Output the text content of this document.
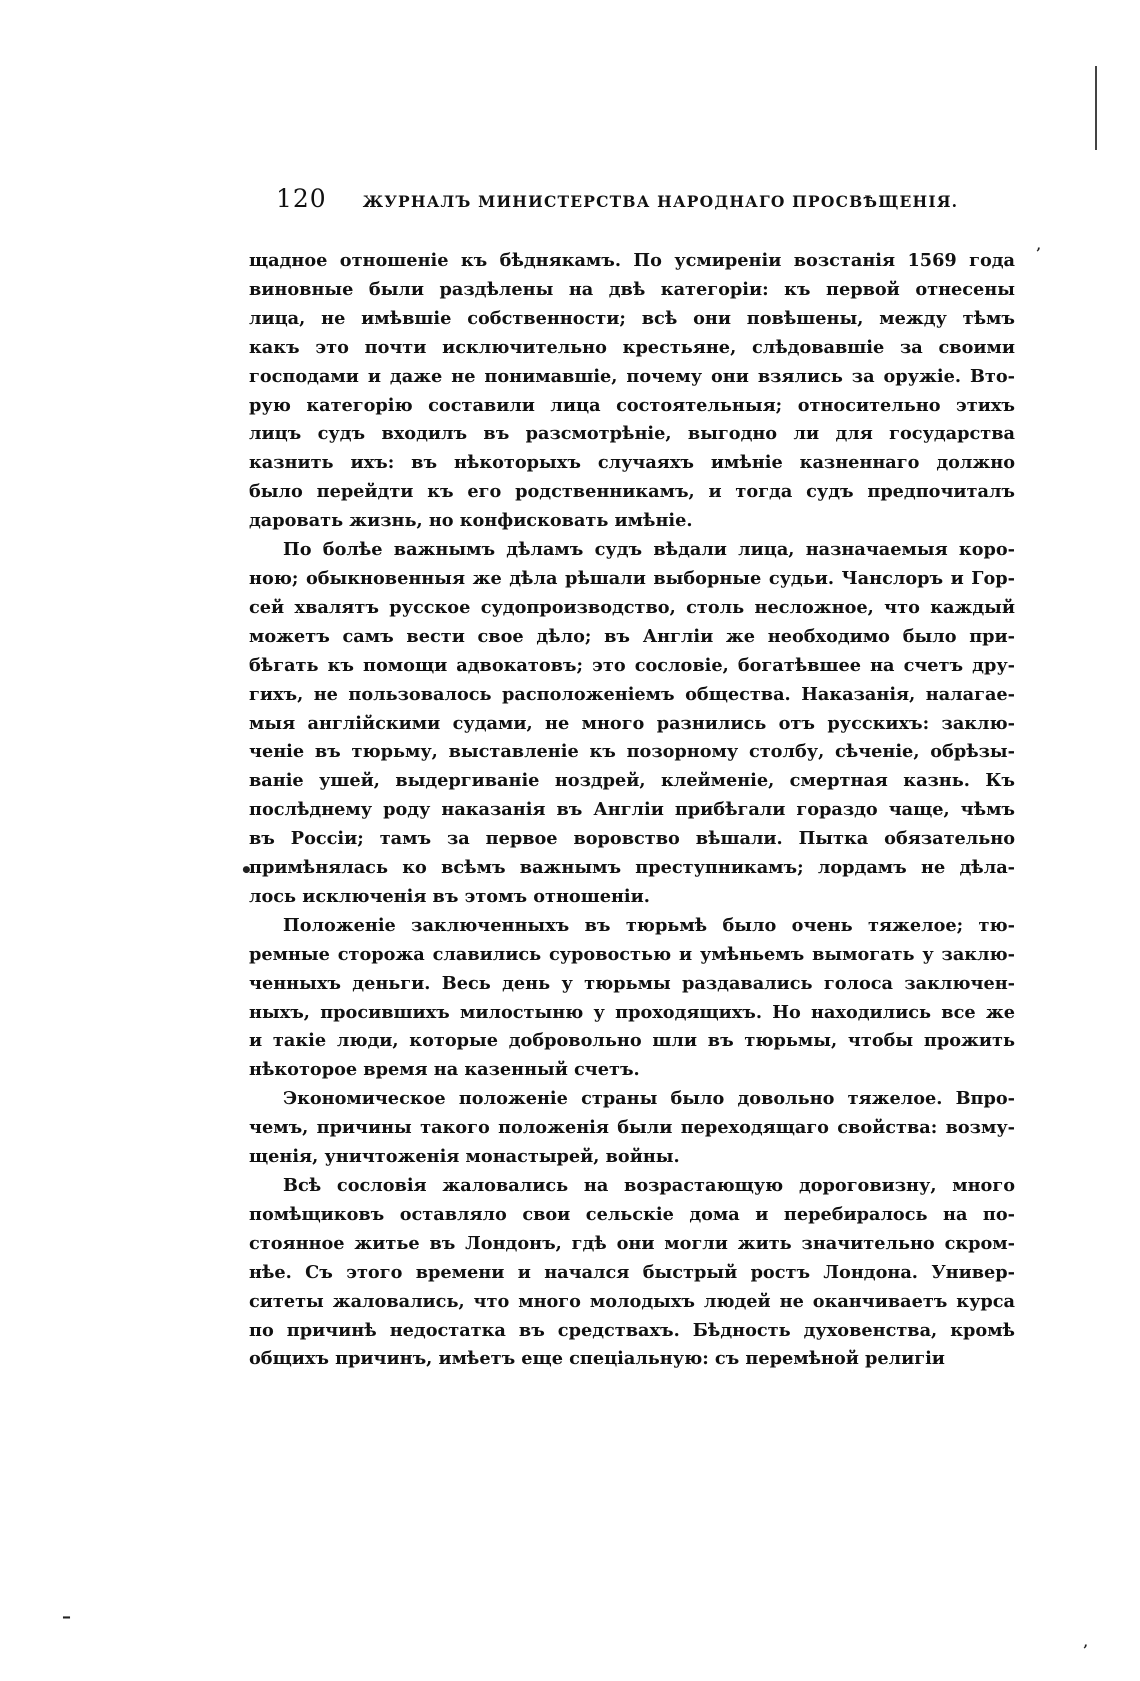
120 ЖУРНАЛЪ МИНИСТЕРСТВА НАРОДНАГО ПРОСВѢЩЕНІЯ.
’
•
–
’
щадное отношеніе къ бѣднякамъ. По усмиреніи возстанія 1569 года
виновные были раздѣлены на двѣ категоріи: къ первой отнесены
лица, не имѣвшіе собственности; всѣ они повѣшены, между тѣмъ
какъ это почти исключительно крестьяне, слѣдовавшіе за своими
господами и даже не понимавшіе, почему они взялись за оружіе. Вто-
рую категорію составили лица состоятельныя; относительно этихъ
лицъ судъ входилъ въ разсмотрѣніе, выгодно ли для государства
казнить ихъ: въ нѣкоторыхъ случаяхъ имѣніе казненнаго должно
было перейдти къ его родственникамъ, и тогда судъ предпочиталъ
даровать жизнь, но конфисковать имѣніе.
По болѣе важнымъ дѣламъ судъ вѣдали лица, назначаемыя коро-
ною; обыкновенныя же дѣла рѣшали выборные судьи. Чанслоръ и Гор-
сей хвалятъ русское судопроизводство, столь несложное, что каждый
можетъ самъ вести свое дѣло; въ Англіи же необходимо было при-
бѣгать къ помощи адвокатовъ; это сословіе, богатѣвшее на счетъ дру-
гихъ, не пользовалось расположеніемъ общества. Наказанія, налагае-
мыя англійскими судами, не много разнились отъ русскихъ: заклю-
ченіе въ тюрьму, выставленіе къ позорному столбу, сѣченіе, обрѣзы-
ваніе ушей, выдергиваніе ноздрей, клейменіе, смертная казнь. Къ
послѣднему роду наказанія въ Англіи прибѣгали гораздо чаще, чѣмъ
въ Россіи; тамъ за первое воровство вѣшали. Пытка обязательно
примѣнялась ко всѣмъ важнымъ преступникамъ; лордамъ не дѣла-
лось исключенія въ этомъ отношеніи.
Положеніе заключенныхъ въ тюрьмѣ было очень тяжелое; тю-
ремные сторожа славились суровостью и умѣньемъ вымогать у заклю-
ченныхъ деньги. Весь день у тюрьмы раздавались голоса заключен-
ныхъ, просившихъ милостыню у проходящихъ. Но находились все же
и такіе люди, которые добровольно шли въ тюрьмы, чтобы прожить
нѣкоторое время на казенный счетъ.
Экономическое положеніе страны было довольно тяжелое. Впро-
чемъ, причины такого положенія были переходящаго свойства: возму-
щенія, уничтоженія монастырей, войны.
Всѣ сословія жаловались на возрастающую дороговизну, много
помѣщиковъ оставляло свои сельскіе дома и перебиралось на по-
стоянное житье въ Лондонъ, гдѣ они могли жить значительно скром-
нѣе. Съ этого времени и начался быстрый ростъ Лондона. Универ-
ситеты жаловались, что много молодыхъ людей не оканчиваетъ курса
по причинѣ недостатка въ средствахъ. Бѣдность духовенства, кромѣ
общихъ причинъ, имѣетъ еще спеціальную: съ перемѣной религіи
